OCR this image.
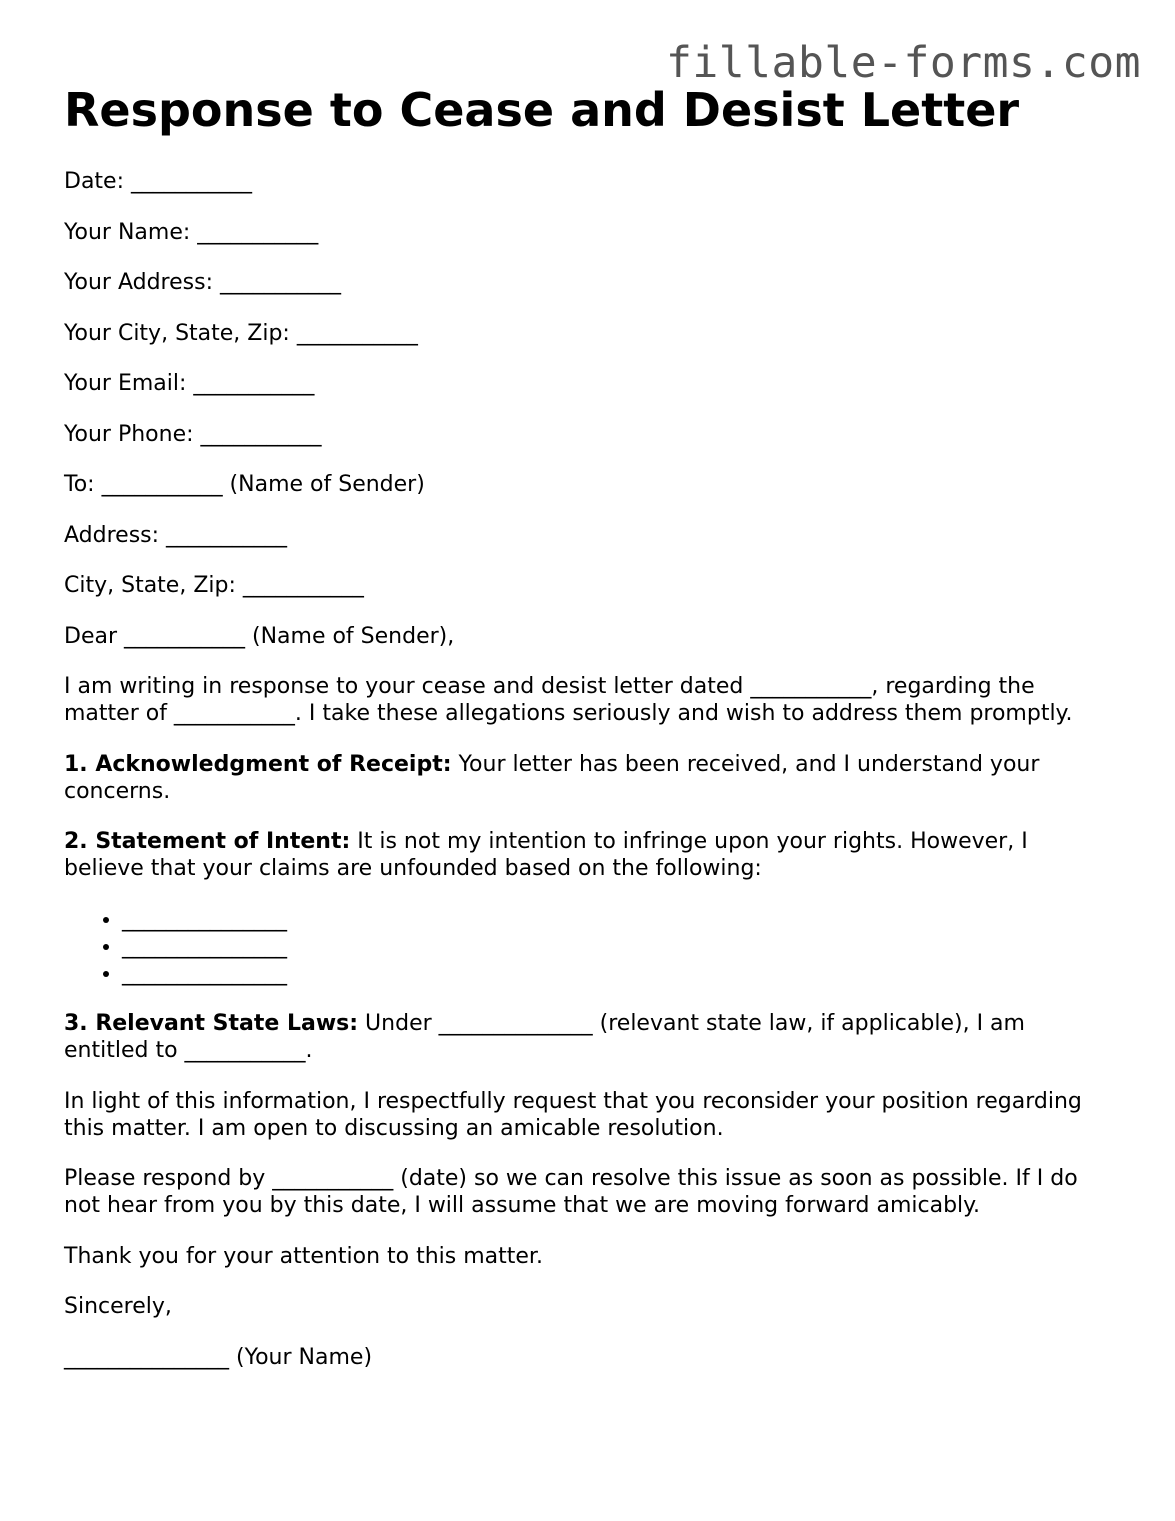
fillable-forms.com
Response to Cease and Desist Letter

Date: ___________

Your Name: ___________

Your Address: ___________

Your City, State, Zip: ___________

Your Email: ___________

Your Phone: ___________

To: ___________ (Name of Sender)

Address: ___________

City, State, Zip: ___________

Dear ___________ (Name of Sender),

I am writing in response to your cease and desist letter dated ___________, regarding the matter of ___________. I take these allegations seriously and wish to address them promptly.

1. Acknowledgment of Receipt: Your letter has been received, and I understand your concerns.

2. Statement of Intent: It is not my intention to infringe upon your rights. However, I believe that your claims are unfounded based on the following:

• _______________
• _______________
• _______________

3. Relevant State Laws: Under ______________ (relevant state law, if applicable), I am entitled to ___________.

In light of this information, I respectfully request that you reconsider your position regarding this matter. I am open to discussing an amicable resolution.

Please respond by ___________ (date) so we can resolve this issue as soon as possible. If I do not hear from you by this date, I will assume that we are moving forward amicably.

Thank you for your attention to this matter.

Sincerely,

_______________ (Your Name)
